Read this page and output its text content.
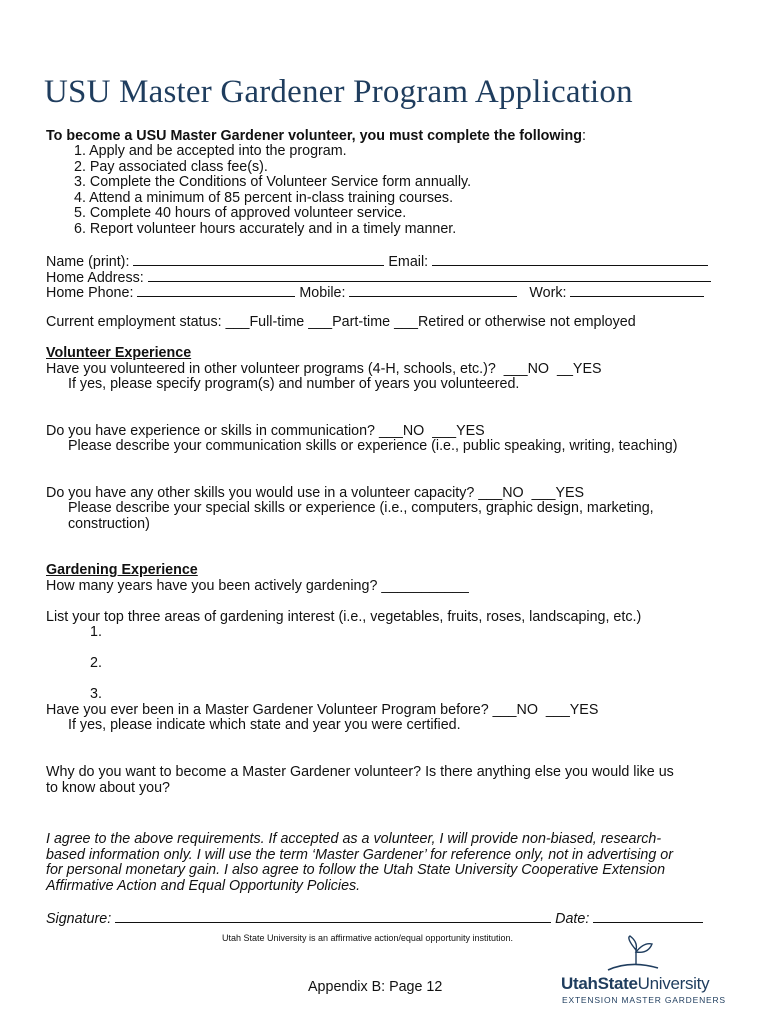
USU Master Gardener Program Application
To become a USU Master Gardener volunteer, you must complete the following:
1. Apply and be accepted into the program.
2. Pay associated class fee(s).
3. Complete the Conditions of Volunteer Service form annually.
4. Attend a minimum of 85 percent in-class training courses.
5. Complete 40 hours of approved volunteer service.
6. Report volunteer hours accurately and in a timely manner.
Name (print):	Email:
Home Address:
Home Phone:	Mobile:	Work:
Current employment status: ___Full-time ___Part-time ___Retired or otherwise not employed
Volunteer Experience
Have you volunteered in other volunteer programs (4-H, schools, etc.)? ___NO __YES
If yes, please specify program(s) and number of years you volunteered.
Do you have experience or skills in communication? ___NO ___YES
Please describe your communication skills or experience (i.e., public speaking, writing, teaching)
Do you have any other skills you would use in a volunteer capacity? ___NO ___YES
Please describe your special skills or experience (i.e., computers, graphic design, marketing,
construction)
Gardening Experience
How many years have you been actively gardening? ___________
List your top three areas of gardening interest (i.e., vegetables, fruits, roses, landscaping, etc.)
1.
2.
3.
Have you ever been in a Master Gardener Volunteer Program before? ___NO ___YES
If yes, please indicate which state and year you were certified.
Why do you want to become a Master Gardener volunteer? Is there anything else you would like us
to know about you?
I agree to the above requirements. If accepted as a volunteer, I will provide non-biased, research-
based information only. I will use the term ‘Master Gardener’ for reference only, not in advertising or
for personal monetary gain. I also agree to follow the Utah State University Cooperative Extension
Affirmative Action and Equal Opportunity Policies.
Signature:	Date:
Utah State University is an affirmative action/equal opportunity institution.
Appendix B: Page 12	UtahStateUniversity
EXTENSION MASTER GARDENERS
